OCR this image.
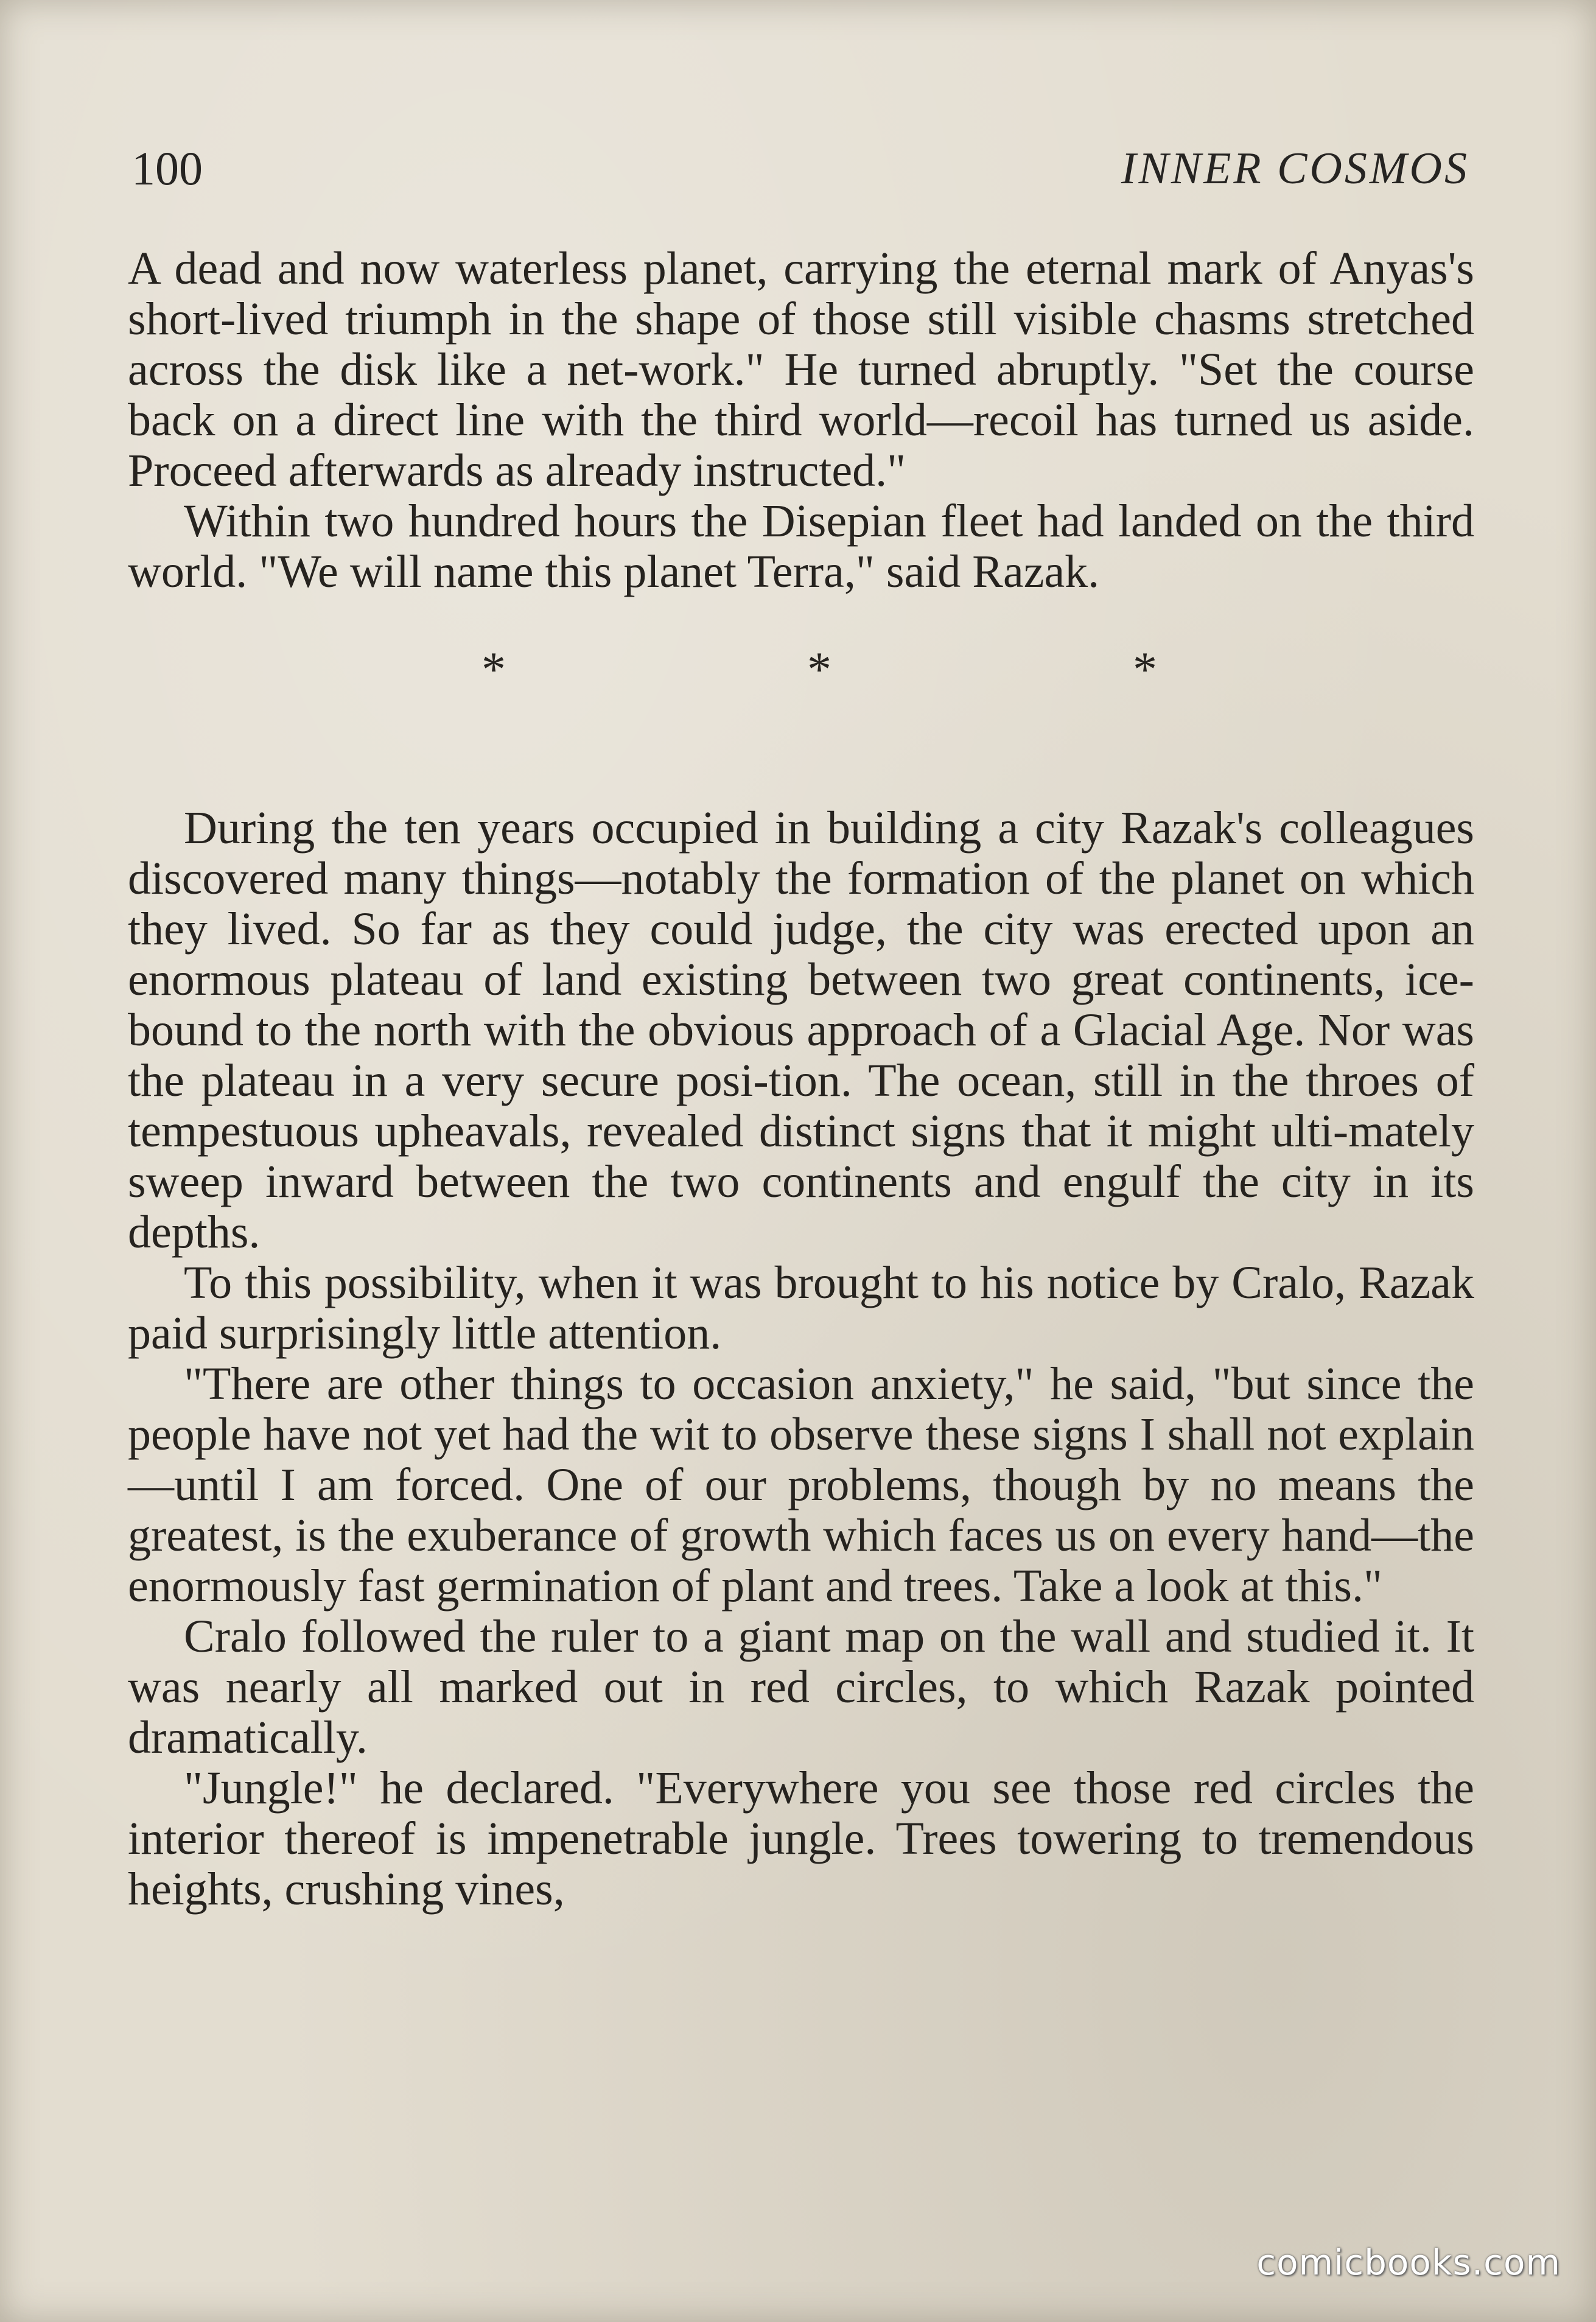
100	INNER COSMOS

A dead and now waterless planet, carrying the eternal mark of Anyas's short-lived triumph in the shape of those still visible chasms stretched across the disk like a net-work." He turned abruptly. "Set the course back on a direct line with the third world—recoil has turned us aside. Proceed afterwards as already instructed."

Within two hundred hours the Disepian fleet had landed on the third world. "We will name this planet Terra," said Razak.

*	*	*

During the ten years occupied in building a city Razak's colleagues discovered many things—notably the formation of the planet on which they lived. So far as they could judge, the city was erected upon an enormous plateau of land existing between two great continents, ice-bound to the north with the obvious approach of a Glacial Age. Nor was the plateau in a very secure posi-tion. The ocean, still in the throes of tempestuous upheavals, revealed distinct signs that it might ulti-mately sweep inward between the two continents and engulf the city in its depths.

To this possibility, when it was brought to his notice by Cralo, Razak paid surprisingly little attention.

"There are other things to occasion anxiety," he said, "but since the people have not yet had the wit to observe these signs I shall not explain—until I am forced. One of our problems, though by no means the greatest, is the exuberance of growth which faces us on every hand—the enormously fast germination of plant and trees. Take a look at this."

Cralo followed the ruler to a giant map on the wall and studied it. It was nearly all marked out in red circles, to which Razak pointed dramatically.

"Jungle!" he declared. "Everywhere you see those red circles the interior thereof is impenetrable jungle. Trees towering to tremendous heights, crushing vines,

comicbooks.com
